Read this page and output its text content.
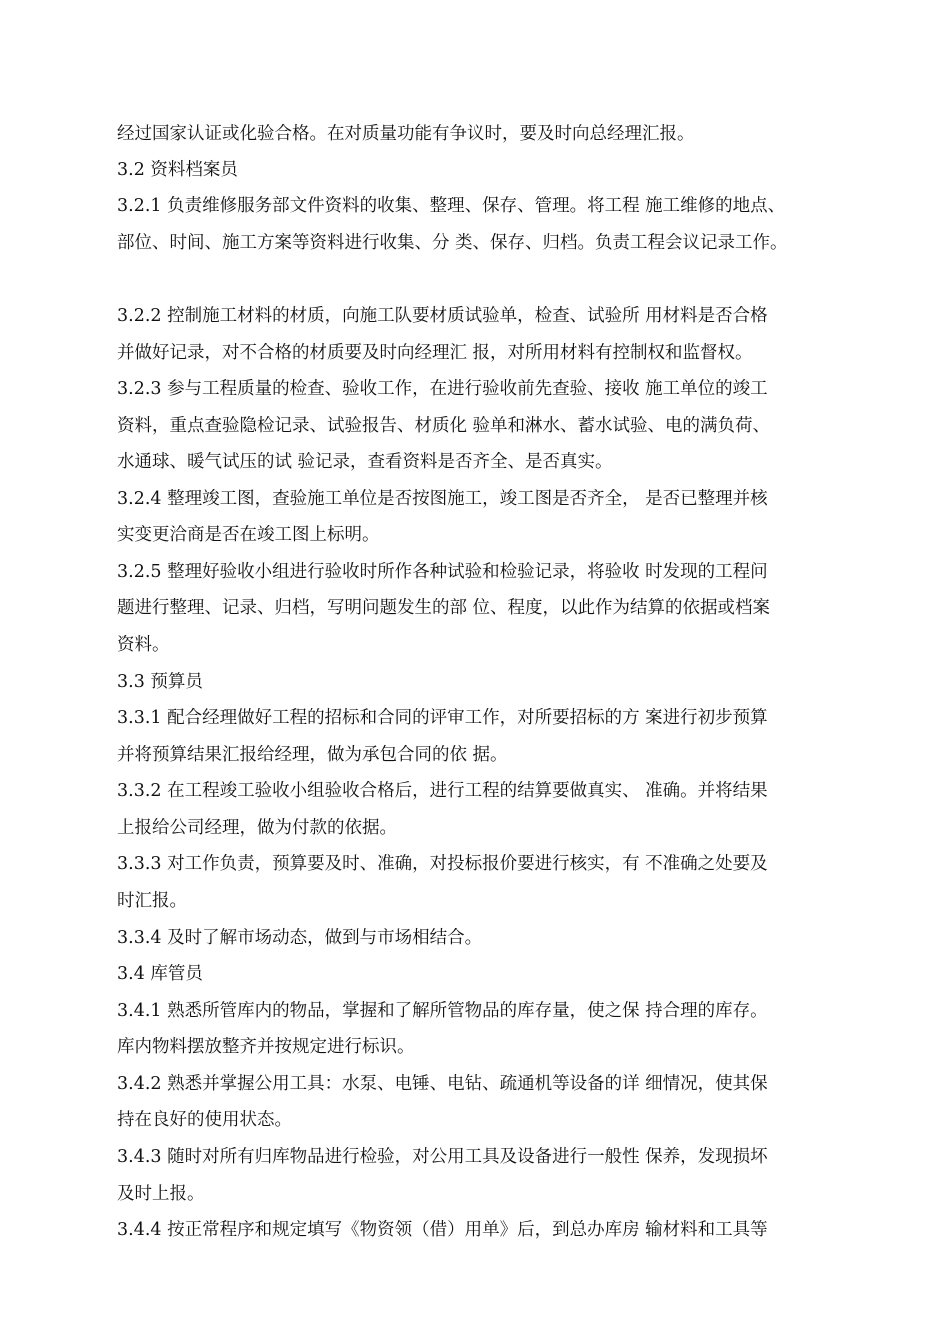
经过国家认证或化验合格。在对质量功能有争议时，要及时向总经理汇报。

3.2 资料档案员

3.2.1 负责维修服务部文件资料的收集、整理、保存、管理。将工程 施工维修的地点、

部位、时间、施工方案等资料进行收集、分 类、保存、归档。负责工程会议记录工作。

3.2.2 控制施工材料的材质，向施工队要材质试验单，检查、试验所 用材料是否合格

并做好记录，对不合格的材质要及时向经理汇 报，对所用材料有控制权和监督权。

3.2.3 参与工程质量的检查、验收工作，在进行验收前先查验、接收 施工单位的竣工

资料，重点查验隐检记录、试验报告、材质化 验单和淋水、蓄水试验、电的满负荷、

水通球、暖气试压的试 验记录，查看资料是否齐全、是否真实。

3.2.4 整理竣工图，查验施工单位是否按图施工，竣工图是否齐全， 是否已整理并核

实变更洽商是否在竣工图上标明。

3.2.5 整理好验收小组进行验收时所作各种试验和检验记录，将验收 时发现的工程问

题进行整理、记录、归档，写明问题发生的部 位、程度，以此作为结算的依据或档案

资料。

3.3 预算员

3.3.1 配合经理做好工程的招标和合同的评审工作，对所要招标的方 案进行初步预算

并将预算结果汇报给经理，做为承包合同的依 据。

3.3.2 在工程竣工验收小组验收合格后，进行工程的结算要做真实、 准确。并将结果

上报给公司经理，做为付款的依据。

3.3.3 对工作负责，预算要及时、准确，对投标报价要进行核实，有 不准确之处要及

时汇报。

3.3.4 及时了解市场动态，做到与市场相结合。

3.4 库管员

3.4.1 熟悉所管库内的物品，掌握和了解所管物品的库存量，使之保 持合理的库存。

库内物料摆放整齐并按规定进行标识。

3.4.2 熟悉并掌握公用工具：水泵、电锤、电钻、疏通机等设备的详 细情况，使其保

持在良好的使用状态。

3.4.3 随时对所有归库物品进行检验，对公用工具及设备进行一般性 保养，发现损坏

及时上报。

3.4.4 按正常程序和规定填写《物资领（借）用单》后，到总办库房 输材料和工具等
